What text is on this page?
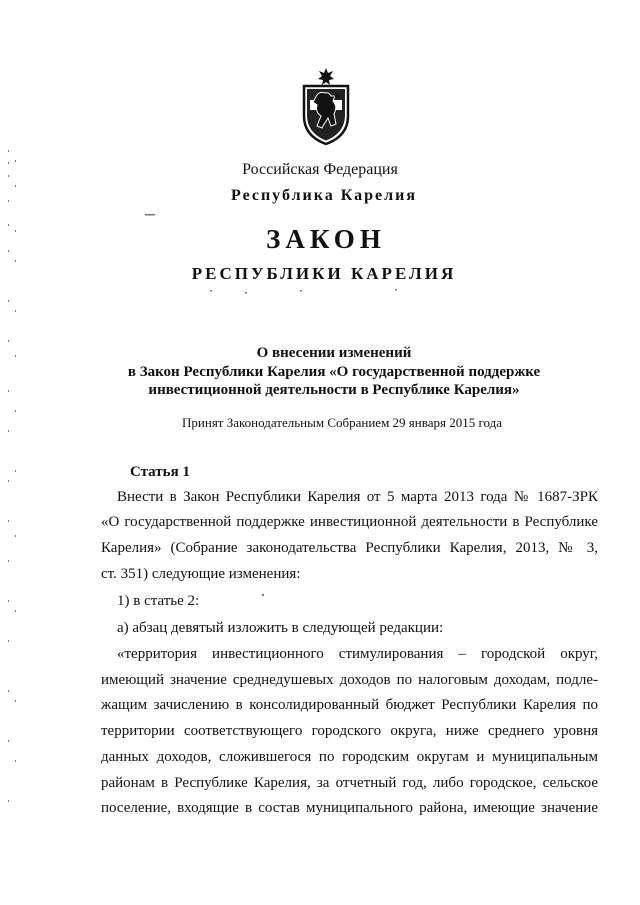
Российская Федерация
Республика Карелия
ЗАКОН
РЕСПУБЛИКИ КАРЕЛИЯ
О внесении изменений
в Закон Республики Карелия «О государственной поддержке
инвестиционной деятельности в Республике Карелия»
Принят Законодательным Собранием 29 января 2015 года
Статья 1
Внести в Закон Республики Карелия от 5 марта 2013 года № 1687-ЗРК
«О государственной поддержке инвестиционной деятельности в Республике
Карелия» (Собрание законодательства Республики Карелия, 2013, № 3,
ст. 351) следующие изменения:
1) в статье 2:
а) абзац девятый изложить в следующей редакции:
«территория инвестиционного стимулирования – городской округ,
имеющий значение среднедушевых доходов по налоговым доходам, подле-
жащим зачислению в консолидированный бюджет Республики Карелия по
территории соответствующего городского округа, ниже среднего уровня
данных доходов, сложившегося по городским округам и муниципальным
районам в Республике Карелия, за отчетный год, либо городское, сельское
поселение, входящие в состав муниципального района, имеющие значение
